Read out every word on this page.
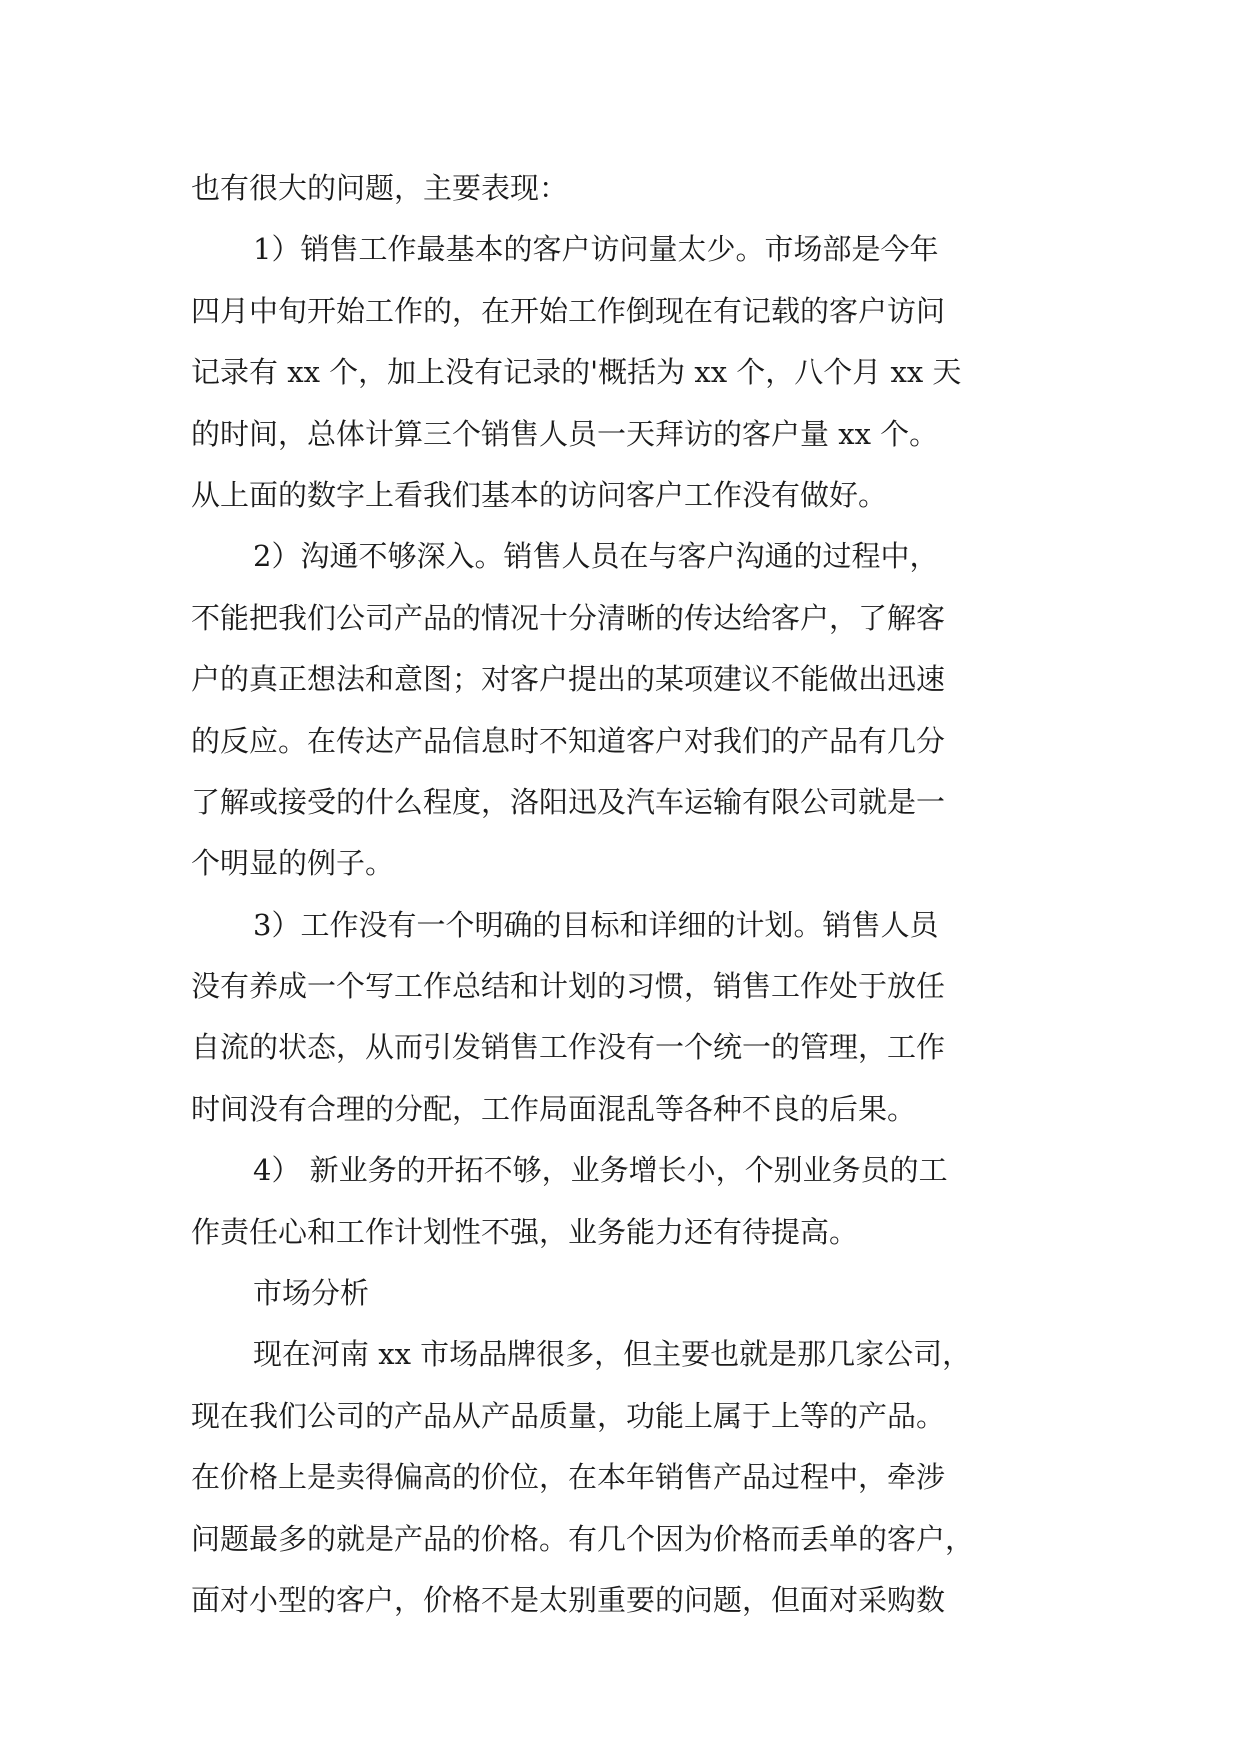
也有很大的问题，主要表现：
1）销售工作最基本的客户访问量太少。市场部是今年
四月中旬开始工作的，在开始工作倒现在有记载的客户访问
记录有 xx 个，加上没有记录的'概括为 xx 个，八个月 xx 天
的时间，总体计算三个销售人员一天拜访的客户量 xx 个。
从上面的数字上看我们基本的访问客户工作没有做好。
2）沟通不够深入。销售人员在与客户沟通的过程中，
不能把我们公司产品的情况十分清晰的传达给客户，了解客
户的真正想法和意图；对客户提出的某项建议不能做出迅速
的反应。在传达产品信息时不知道客户对我们的产品有几分
了解或接受的什么程度，洛阳迅及汽车运输有限公司就是一
个明显的例子。
3）工作没有一个明确的目标和详细的计划。销售人员
没有养成一个写工作总结和计划的习惯，销售工作处于放任
自流的状态，从而引发销售工作没有一个统一的管理，工作
时间没有合理的分配，工作局面混乱等各种不良的后果。
4） 新业务的开拓不够，业务增长小，个别业务员的工
作责任心和工作计划性不强，业务能力还有待提高。
市场分析
现在河南 xx 市场品牌很多，但主要也就是那几家公司，
现在我们公司的产品从产品质量，功能上属于上等的产品。
在价格上是卖得偏高的价位，在本年销售产品过程中，牵涉
问题最多的就是产品的价格。有几个因为价格而丢单的客户，
面对小型的客户，价格不是太别重要的问题，但面对采购数
